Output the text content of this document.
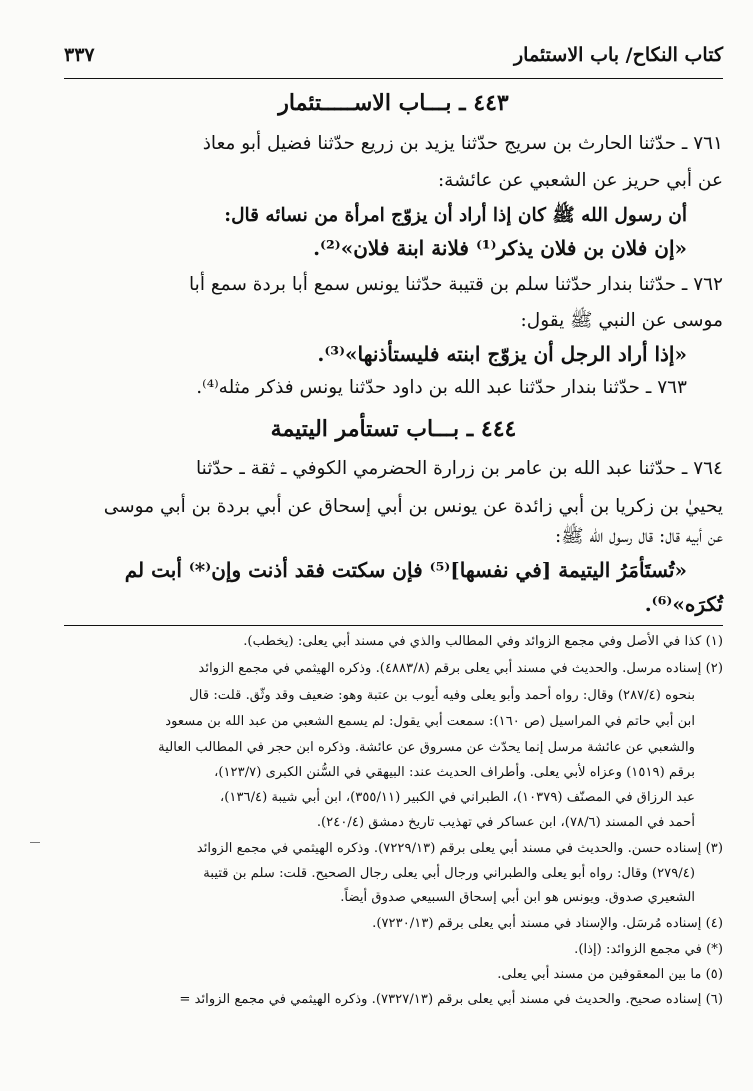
كتاب النكاح/ باب الاستئمار
٣٣٧
٤٤٣ ـ بـــاب الاســـــتئمار
٧٦١ ـ حدّثنا الحارث بن سريج حدّثنا يزيد بن زريع حدّثنا فضيل أبو معاذ
عن أبي حريز عن الشعبي عن عائشة:
أن رسول الله ﷺ كان إذا أراد أن يزوّج امرأة من نسائه قال:
«إن فلان بن فلان يذكر⁽¹⁾ فلانة ابنة فلان»⁽²⁾.
٧٦٢ ـ حدّثنا بندار حدّثنا سلم بن قتيبة حدّثنا يونس سمع أبا بردة سمع أبا
موسى عن النبي ﷺ يقول:
«إذا أراد الرجل أن يزوّج ابنته فليستأذنها»⁽³⁾.
٧٦٣ ـ حدّثنا بندار حدّثنا عبد الله بن داود حدّثنا يونس فذكر مثله⁽⁴⁾.
٤٤٤ ـ بـــاب تستأمر اليتيمة
٧٦٤ ـ حدّثنا عبد الله بن عامر بن زرارة الحضرمي الكوفي ـ ثقة ـ حدّثنا
يحييٰ بن زكريا بن أبي زائدة عن يونس بن أبي إسحاق عن أبي بردة بن أبي موسى
عن أبيه قال: قال رسول الله ﷺ:
«تُستَأمَرُ اليتيمة [في نفسها]⁽⁵⁾ فإن سكتت فقد أذنت وإن⁽*⁾ أبت لم
تُكرَه»⁽⁶⁾.
(١) كذا في الأصل وفي مجمع الزوائد وفي المطالب والذي في مسند أبي يعلى: (يخطب).
(٢) إسناده مرسل. والحديث في مسند أبي يعلى برقم (٤٨٨٣/٨). وذكره الهيثمي في مجمع الزوائد
بنحوه (٢٨٧/٤) وقال: رواه أحمد وأبو يعلى وفيه أيوب بن عتبة وهو: ضعيف وقد وثّق. قلت: قال
ابن أبي حاتم في المراسيل (ص ١٦٠): سمعت أبي يقول: لم يسمع الشعبي من عبد الله بن مسعود
والشعبي عن عائشة مرسل إنما يحدّث عن مسروق عن عائشة. وذكره ابن حجر في المطالب العالية
برقم (١٥١٩) وعزاه لأبي يعلى. وأطراف الحديث عند: البيهقي في السُّنن الكبرى (١٢٣/٧)،
عبد الرزاق في المصنّف (١٠٣٧٩)، الطبراني في الكبير (٣٥٥/١١)، ابن أبي شيبة (١٣٦/٤)،
أحمد في المسند (٧٨/٦)، ابن عساكر في تهذيب تاريخ دمشق (٢٤٠/٤).
(٣) إسناده حسن. والحديث في مسند أبي يعلى برقم (٧٢٢٩/١٣). وذكره الهيثمي في مجمع الزوائد
(٢٧٩/٤) وقال: رواه أبو يعلى والطبراني ورجال أبي يعلى رجال الصحيح. قلت: سلم بن قتيبة
الشعيري صدوق. ويونس هو ابن أبي إسحاق السبيعي صدوق أيضاً.
(٤) إسناده مُرسَل. والإسناد في مسند أبي يعلى برقم (٧٢٣٠/١٣).
(*) في مجمع الزوائد: (إذا).
(٥) ما بين المعقوفين من مسند أبي يعلى.
(٦) إسناده صحيح. والحديث في مسند أبي يعلى برقم (٧٣٢٧/١٣). وذكره الهيثمي في مجمع الزوائد =
